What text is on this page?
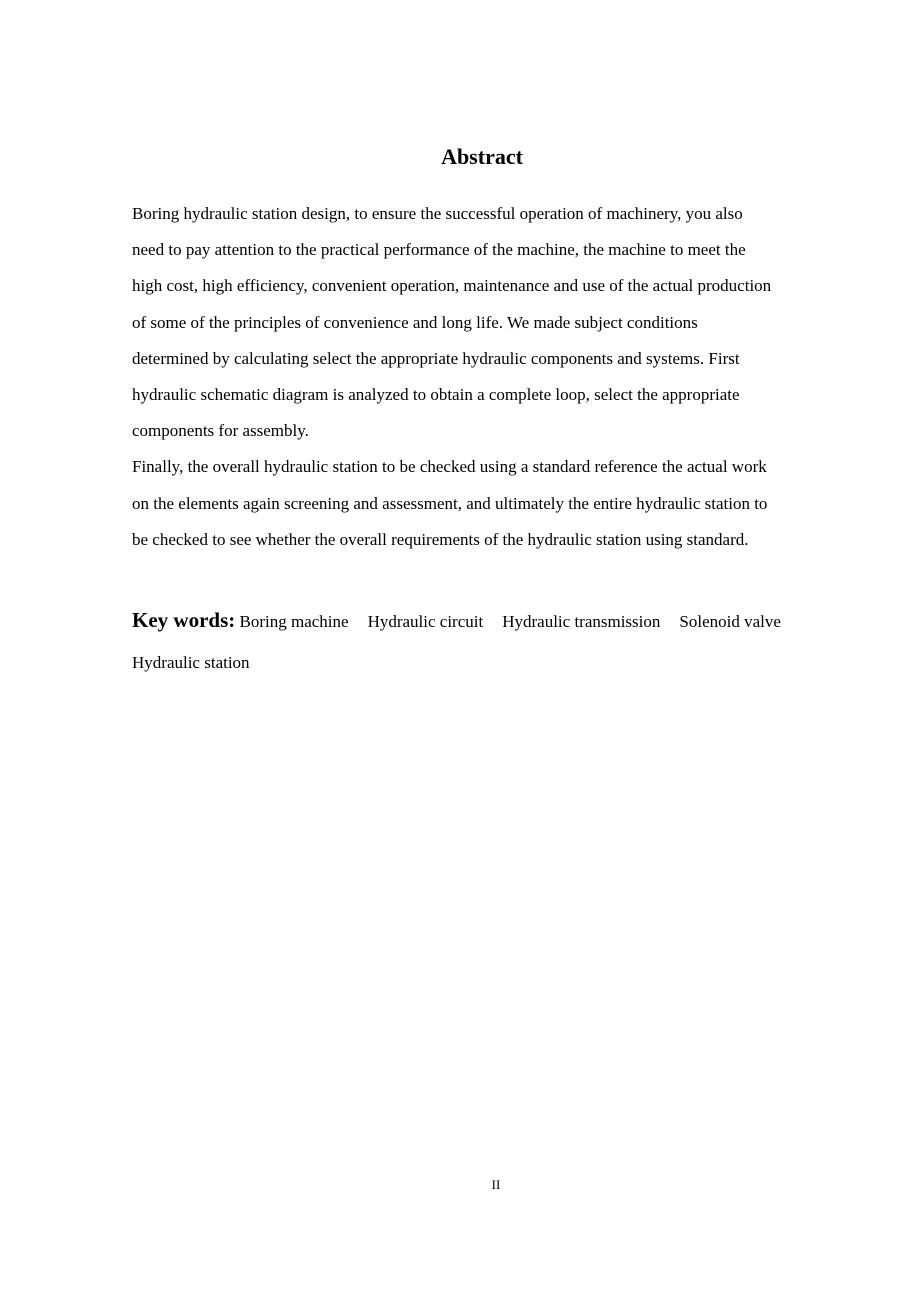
Abstract

Boring hydraulic station design, to ensure the successful operation of machinery, you also
need to pay attention to the practical performance of the machine, the machine to meet the
high cost, high efficiency, convenient operation, maintenance and use of the actual production
of some of the principles of convenience and long life. We made subject conditions
determined by calculating select the appropriate hydraulic components and systems. First
hydraulic schematic diagram is analyzed to obtain a complete loop, select the appropriate
components for assembly.

Finally, the overall hydraulic station to be checked using a standard reference the actual work
on the elements again screening and assessment, and ultimately the entire hydraulic station to
be checked to see whether the overall requirements of the hydraulic station using standard.

Key words: Boring machine Hydraulic circuit Hydraulic transmission Solenoid valve
Hydraulic station
II
